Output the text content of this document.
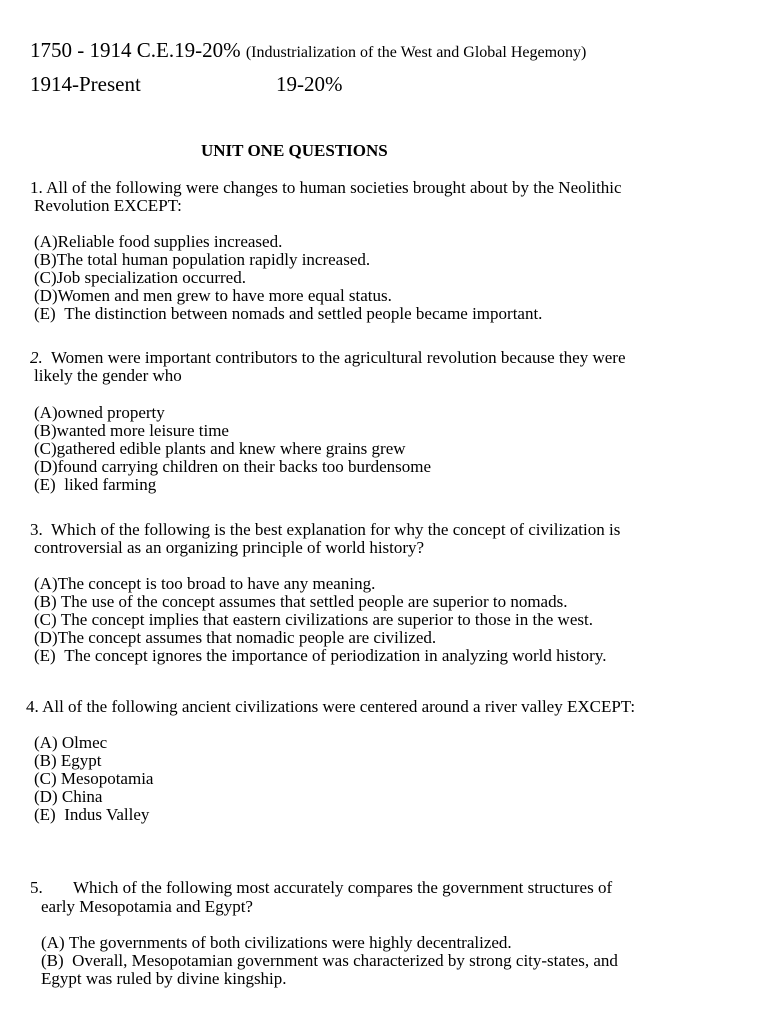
1750 - 1914 C.E.19-20% (Industrialization of the West and Global Hegemony)
1914-Present	19-20%
UNIT ONE QUESTIONS
1. All of the following were changes to human societies brought about by the Neolithic
Revolution EXCEPT:
(A)Reliable food supplies increased.
(B)The total human population rapidly increased.
(C)Job specialization occurred.
(D)Women and men grew to have more equal status.
(E) The distinction between nomads and settled people became important.
2. Women were important contributors to the agricultural revolution because they were
likely the gender who
(A)owned property
(B)wanted more leisure time
(C)gathered edible plants and knew where grains grew
(D)found carrying children on their backs too burdensome
(E) liked farming
3. Which of the following is the best explanation for why the concept of civilization is
controversial as an organizing principle of world history?
(A)The concept is too broad to have any meaning.
(B) The use of the concept assumes that settled people are superior to nomads.
(C) The concept implies that eastern civilizations are superior to those in the west.
(D)The concept assumes that nomadic people are civilized.
(E) The concept ignores the importance of periodization in analyzing world history.
4. All of the following ancient civilizations were centered around a river valley EXCEPT:
(A) Olmec
(B) Egypt
(C) Mesopotamia
(D) China
(E) Indus Valley
5. Which of the following most accurately compares the government structures of
early Mesopotamia and Egypt?
(A) The governments of both civilizations were highly decentralized.
(B) Overall, Mesopotamian government was characterized by strong city-states, and
Egypt was ruled by divine kingship.
